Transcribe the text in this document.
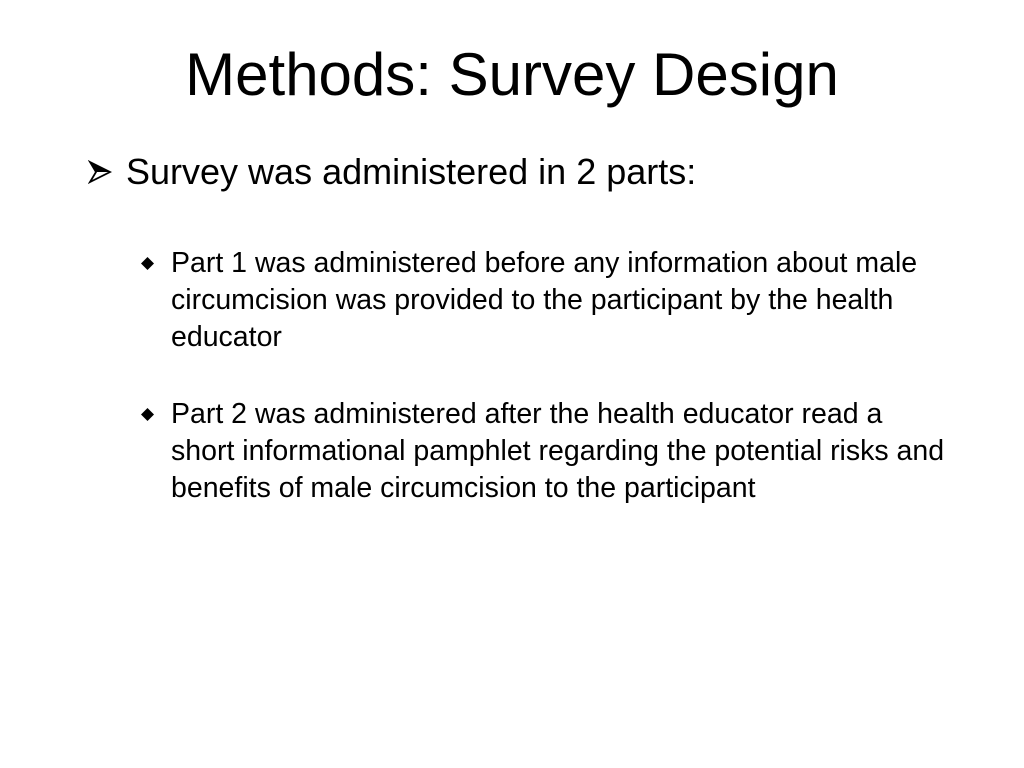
Methods: Survey Design
Survey was administered in 2 parts:
Part 1 was administered before any information about male circumcision was provided to the participant by the health educator
Part 2 was administered after the health educator read a short informational pamphlet regarding the potential risks and benefits of male circumcision to the participant
